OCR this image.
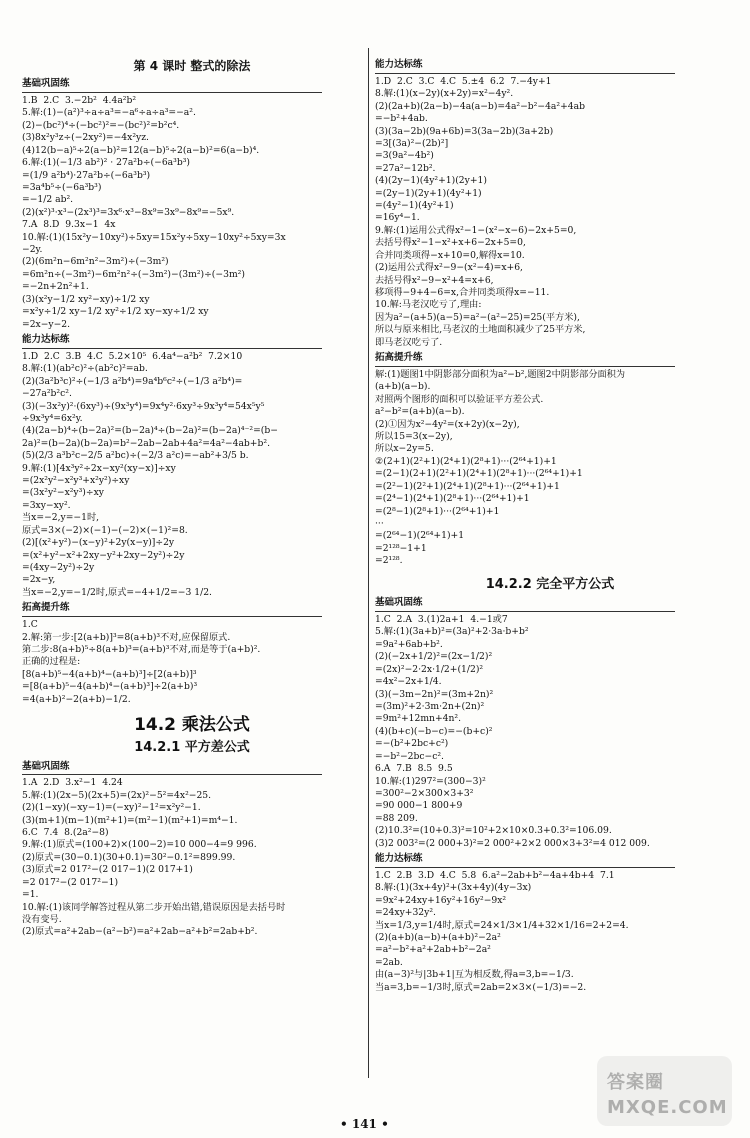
第 4 课时 整式的除法
基础巩固练
1.B  2.C  3.−2b²  4.4a²b²
5.解:(1)−(a²)³÷a÷a³=−a⁶÷a÷a³=−a².
(2)−(bc²)⁴÷(−bc²)²=−(bc²)²=b²c⁴.
(3)8x²y³z÷(−2xy²)=−4x²yz.
(4)12(b−a)⁵÷2(a−b)²=12(a−b)⁵÷2(a−b)²=6(a−b)⁴.
6.解:(1)(−1/3 ab²)² · 27a²b÷(−6a³b³)
=(1/9 a²b⁴)·27a²b÷(−6a³b³)
=3a⁴b⁵÷(−6a³b³)
=−1/2 ab².
(2)(x²)³·x³−(2x³)³=3x⁶·x³−8x⁹=3x⁹−8x⁹=−5x⁹.
7.A  8.D  9.3x−1  4x
10.解:(1)(15x²y−10xy²)÷5xy=15x²y÷5xy−10xy²÷5xy=3x
−2y.
(2)(6m²n−6m²n²−3m²)÷(−3m²)
=6m²n÷(−3m²)−6m²n²÷(−3m²)−(3m²)÷(−3m²)
=−2n+2n²+1.
(3)(x²y−1/2 xy²−xy)÷1/2 xy
=x²y÷1/2 xy−1/2 xy²÷1/2 xy−xy÷1/2 xy
=2x−y−2.
能力达标练
1.D  2.C  3.B  4.C  5.2×10⁵  6.4a⁴−a²b²  7.2×10
8.解:(1)(ab²c)²÷(ab²c)²=ab.
(2)(3a²b³c)²÷(−1/3 a²b⁴)=9a⁴b⁶c²÷(−1/3 a²b⁴)=
−27a²b²c².
(3)(−3x²y)²·(6xy³)÷(9x³y⁴)=9x⁴y²·6xy³÷9x³y⁴=54x⁵y⁵
÷9x³y⁴=6x²y.
(4)(2a−b)⁴÷(b−2a)²=(b−2a)⁴÷(b−2a)²=(b−2a)⁴⁻²=(b−
2a)²=(b−2a)(b−2a)=b²−2ab−2ab+4a²=4a²−4ab+b².
(5)(2/3 a³b²c−2/5 a²bc)÷(−2/3 a²c)=−ab²+3/5 b.
9.解:(1)[4x³y²÷2x−xy²(xy−x)]÷xy
=(2x²y²−x²y³+x²y²)÷xy
=(3x²y²−x²y³)÷xy
=3xy−xy².
当x=−2,y=−1时,
原式=3×(−2)×(−1)−(−2)×(−1)²=8.
(2)[(x²+y²)−(x−y)²+2y(x−y)]÷2y
=(x²+y²−x²+2xy−y²+2xy−2y²)÷2y
=(4xy−2y²)÷2y
=2x−y,
当x=−2,y=−1/2时,原式=−4+1/2=−3 1/2.
拓高提升练
1.C
2.解:第一步:[2(a+b)]³=8(a+b)³不对,应保留原式.
第二步:8(a+b)⁵÷8(a+b)³=(a+b)³不对,而是等于(a+b)².
正确的过程是:
[8(a+b)⁵−4(a+b)⁴−(a+b)³]÷[2(a+b)]³
=[8(a+b)⁵−4(a+b)⁴−(a+b)³]÷2(a+b)³
=4(a+b)²−2(a+b)−1/2.
14.2 乘法公式
14.2.1 平方差公式
基础巩固练
1.A  2.D  3.x²−1  4.24
5.解:(1)(2x−5)(2x+5)=(2x)²−5²=4x²−25.
(2)(1−xy)(−xy−1)=(−xy)²−1²=x²y²−1.
(3)(m+1)(m−1)(m²+1)=(m²−1)(m²+1)=m⁴−1.
6.C  7.4  8.(2a²−8)
9.解:(1)原式=(100+2)×(100−2)=10 000−4=9 996.
(2)原式=(30−0.1)(30+0.1)=30²−0.1²=899.99.
(3)原式=2 017²−(2 017−1)(2 017+1)
=2 017²−(2 017²−1)
=1.
10.解:(1)该同学解答过程从第二步开始出错,错误原因是去括号时
没有变号.
(2)原式=a²+2ab−(a²−b²)=a²+2ab−a²+b²=2ab+b².
能力达标练
1.D  2.C  3.C  4.C  5.±4  6.2  7.−4y+1
8.解:(1)(x−2y)(x+2y)=x²−4y².
(2)(2a+b)(2a−b)−4a(a−b)=4a²−b²−4a²+4ab
=−b²+4ab.
(3)(3a−2b)(9a+6b)=3(3a−2b)(3a+2b)
=3[(3a)²−(2b)²]
=3(9a²−4b²)
=27a²−12b².
(4)(2y−1)(4y²+1)(2y+1)
=(2y−1)(2y+1)(4y²+1)
=(4y²−1)(4y²+1)
=16y⁴−1.
9.解:(1)运用公式得x²−1−(x²−x−6)−2x+5=0,
去括号得x²−1−x²+x+6−2x+5=0,
合并同类项得−x+10=0,解得x=10.
(2)运用公式得x²−9−(x²−4)=x+6,
去括号得x²−9−x²+4=x+6,
移项得−9+4−6=x,合并同类项得x=−11.
10.解:马老汉吃亏了,理由:
因为a²−(a+5)(a−5)=a²−(a²−25)=25(平方米),
所以与原来相比,马老汉的土地面积减少了25平方米,
即马老汉吃亏了.
拓高提升练
解:(1)题图1中阴影部分面积为a²−b²,题图2中阴影部分面积为
(a+b)(a−b).
对照两个图形的面积可以验证平方差公式.
a²−b²=(a+b)(a−b).
(2)①因为x²−4y²=(x+2y)(x−2y),
所以15=3(x−2y),
所以x−2y=5.
②(2+1)(2²+1)(2⁴+1)(2⁸+1)···(2⁶⁴+1)+1
=(2−1)(2+1)(2²+1)(2⁴+1)(2⁸+1)···(2⁶⁴+1)+1
=(2²−1)(2²+1)(2⁴+1)(2⁸+1)···(2⁶⁴+1)+1
=(2⁴−1)(2⁴+1)(2⁸+1)···(2⁶⁴+1)+1
=(2⁸−1)(2⁸+1)···(2⁶⁴+1)+1
···
=(2⁶⁴−1)(2⁶⁴+1)+1
=2¹²⁸−1+1
=2¹²⁸.
14.2.2 完全平方公式
基础巩固练
1.C  2.A  3.(1)2a+1  4.−1或7
5.解:(1)(3a+b)²=(3a)²+2·3a·b+b²
=9a²+6ab+b².
(2)(−2x+1/2)²=(2x−1/2)²
=(2x)²−2·2x·1/2+(1/2)²
=4x²−2x+1/4.
(3)(−3m−2n)²=(3m+2n)²
=(3m)²+2·3m·2n+(2n)²
=9m²+12mn+4n².
(4)(b+c)(−b−c)=−(b+c)²
=−(b²+2bc+c²)
=−b²−2bc−c².
6.A  7.B  8.5  9.5
10.解:(1)297²=(300−3)²
=300²−2×300×3+3²
=90 000−1 800+9
=88 209.
(2)10.3²=(10+0.3)²=10²+2×10×0.3+0.3²=106.09.
(3)2 003²=(2 000+3)²=2 000²+2×2 000×3+3²=4 012 009.
能力达标练
1.C  2.B  3.D  4.C  5.8  6.a²−2ab+b²−4a+4b+4  7.1
8.解:(1)(3x+4y)²+(3x+4y)(4y−3x)
=9x²+24xy+16y²+16y²−9x²
=24xy+32y².
当x=1/3,y=1/4时,原式=24×1/3×1/4+32×1/16=2+2=4.
(2)(a+b)(a−b)+(a+b)²−2a²
=a²−b²+a²+2ab+b²−2a²
=2ab.
由(a−3)²与|3b+1|互为相反数,得a=3,b=−1/3.
当a=3,b=−1/3时,原式=2ab=2×3×(−1/3)=−2.
• 141 •
答案圈 MXQE.COM
